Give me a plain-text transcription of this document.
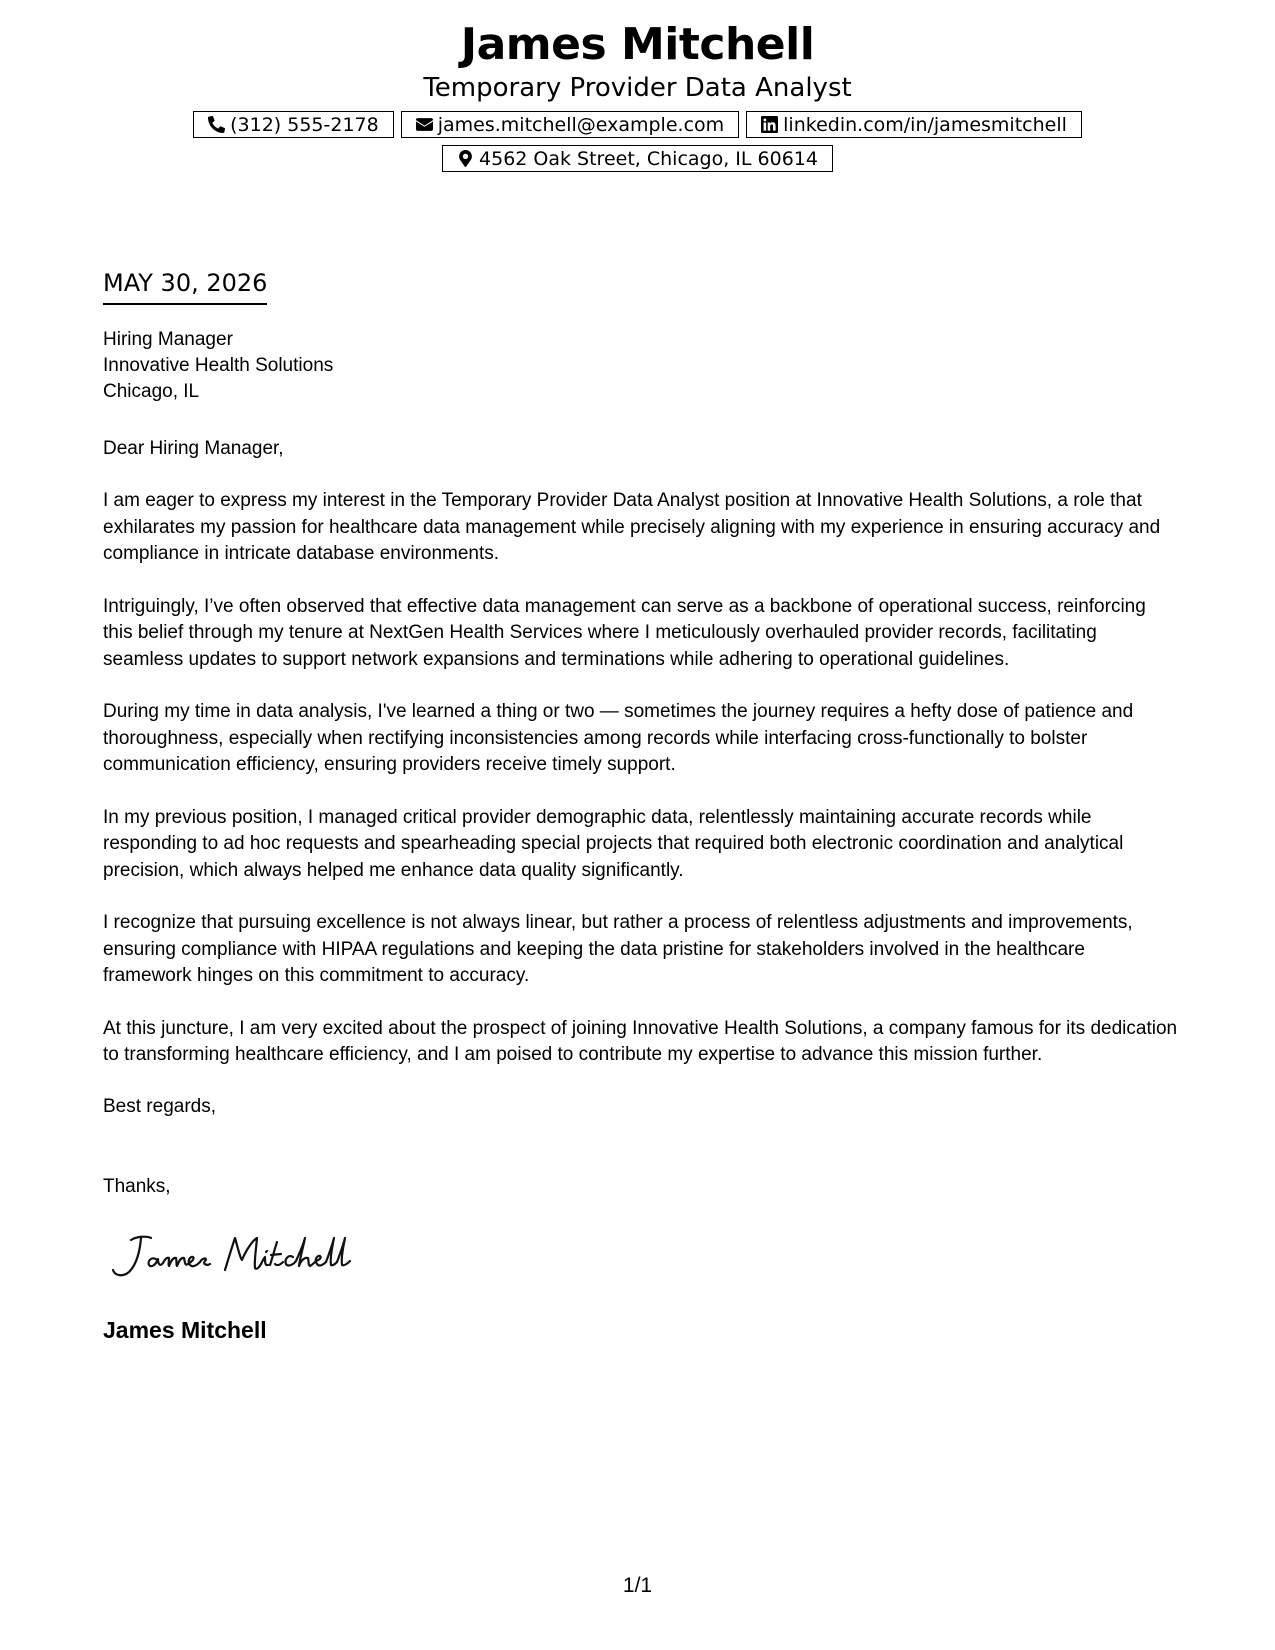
James Mitchell
Temporary Provider Data Analyst
(312) 555-2178	james.mitchell@example.com	linkedin.com/in/jamesmitchell
4562 Oak Street, Chicago, IL 60614
MAY 30, 2026
Hiring Manager
Innovative Health Solutions
Chicago, IL
Dear Hiring Manager,

I am eager to express my interest in the Temporary Provider Data Analyst position at Innovative Health Solutions, a role that exhilarates my passion for healthcare data management while precisely aligning with my experience in ensuring accuracy and compliance in intricate database environments.

Intriguingly, I’ve often observed that effective data management can serve as a backbone of operational success, reinforcing this belief through my tenure at NextGen Health Services where I meticulously overhauled provider records, facilitating seamless updates to support network expansions and terminations while adhering to operational guidelines.

During my time in data analysis, I've learned a thing or two — sometimes the journey requires a hefty dose of patience and thoroughness, especially when rectifying inconsistencies among records while interfacing cross-functionally to bolster communication efficiency, ensuring providers receive timely support.

In my previous position, I managed critical provider demographic data, relentlessly maintaining accurate records while responding to ad hoc requests and spearheading special projects that required both electronic coordination and analytical precision, which always helped me enhance data quality significantly.

I recognize that pursuing excellence is not always linear, but rather a process of relentless adjustments and improvements, ensuring compliance with HIPAA regulations and keeping the data pristine for stakeholders involved in the healthcare framework hinges on this commitment to accuracy.

At this juncture, I am very excited about the prospect of joining Innovative Health Solutions, a company famous for its dedication to transforming healthcare efficiency, and I am poised to contribute my expertise to advance this mission further.

Best regards,
Thanks,
James Mitchell
1/1
